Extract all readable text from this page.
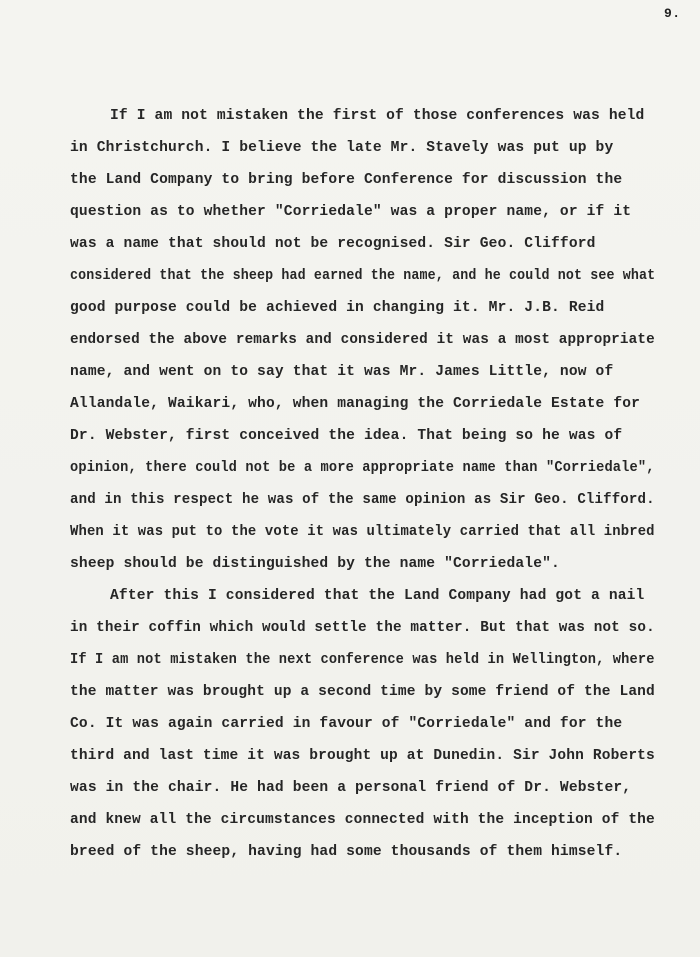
9.
If I am not mistaken the first of those conferences was held
in Christchurch. I believe the late Mr. Stavely was put up by
the Land Company to bring before Conference for discussion the
question as to whether "Corriedale" was a proper name, or if it
was a name that should not be recognised. Sir Geo. Clifford
considered that the sheep had earned the name, and he could not see what
good purpose could be achieved in changing it. Mr. J.B. Reid
endorsed the above remarks and considered it was a most appropriate
name, and went on to say that it was Mr. James Little, now of
Allandale, Waikari, who, when managing the Corriedale Estate for
Dr. Webster, first conceived the idea. That being so he was of
opinion, there could not be a more appropriate name than "Corriedale",
and in this respect he was of the same opinion as Sir Geo. Clifford.
When it was put to the vote it was ultimately carried that all inbred
sheep should be distinguished by the name "Corriedale".
After this I considered that the Land Company had got a nail
in their coffin which would settle the matter. But that was not so.
If I am not mistaken the next conference was held in Wellington, where
the matter was brought up a second time by some friend of the Land
Co. It was again carried in favour of "Corriedale" and for the
third and last time it was brought up at Dunedin. Sir John Roberts
was in the chair. He had been a personal friend of Dr. Webster,
and knew all the circumstances connected with the inception of the
breed of the sheep, having had some thousands of them himself.
